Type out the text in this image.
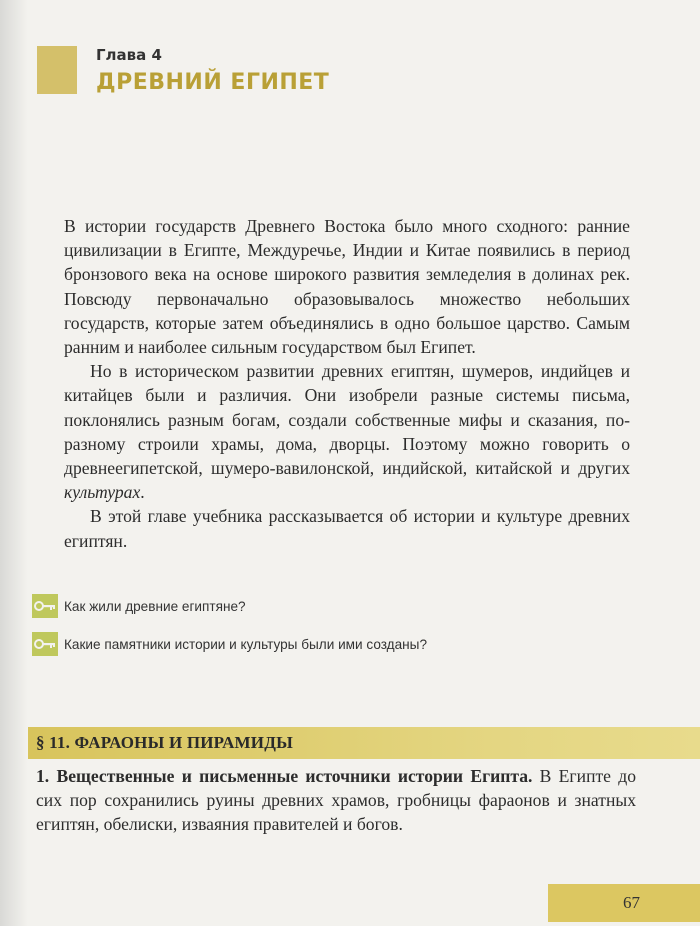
Глава 4
ДРЕВНИЙ ЕГИПЕТ

В истории государств Древнего Востока было много сходного: ранние цивилизации в Египте, Междуречье, Индии и Китае появились в период бронзового века на основе широкого развития земледелия в долинах рек. Повсюду первоначально образовывалось множество небольших государств, которые затем объединялись в одно большое царство. Самым ранним и наиболее сильным государством был Египет.

Но в историческом развитии древних египтян, шумеров, индийцев и китайцев были и различия. Они изобрели разные системы письма, поклонялись разным богам, создали собственные мифы и сказания, по-разному строили храмы, дома, дворцы. Поэтому можно говорить о древнеегипетской, шумеро-вавилонской, индийской, китайской и других культурах.

В этой главе учебника рассказывается об истории и культуре древних египтян.

Как жили древние египтяне?
Какие памятники истории и культуры были ими созданы?
§ 11. ФАРАОНЫ И ПИРАМИДЫ

1. Вещественные и письменные источники истории Египта. В Египте до сих пор сохранились руины древних храмов, гробницы фараонов и знатных египтян, обелиски, изваяния правителей и богов.

67
